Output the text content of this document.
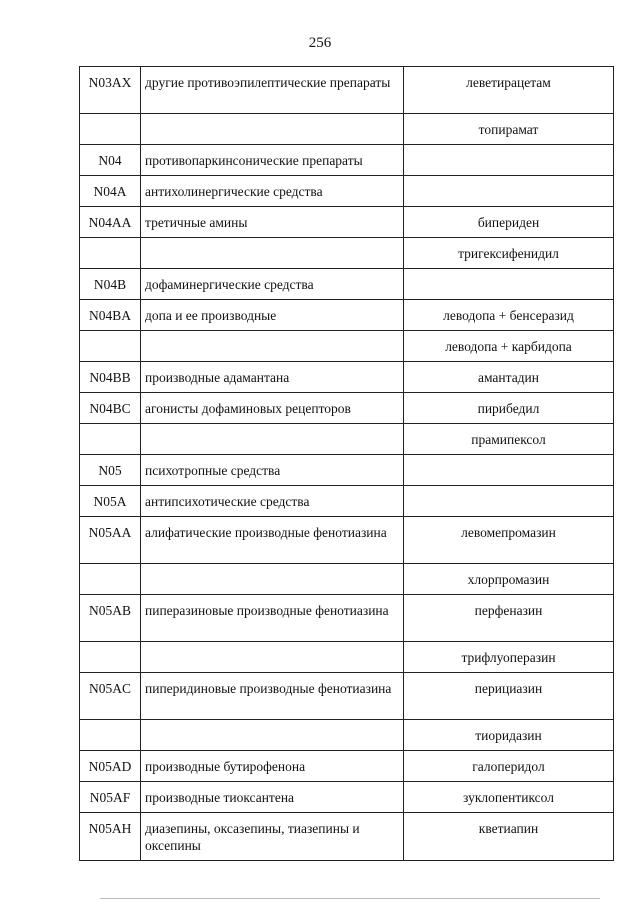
256
N03AX	другие противоэпилептические препараты	леветирацетам
		топирамат
N04	противопаркинсонические препараты	
N04A	антихолинергические средства	
N04AA	третичные амины	бипериден
		тригексифенидил
N04B	дофаминергические средства	
N04BA	допа и ее производные	леводопа + бенсеразид
		леводопа + карбидопа
N04BB	производные адамантана	амантадин
N04BC	агонисты дофаминовых рецепторов	пирибедил
		прамипексол
N05	психотропные средства	
N05A	антипсихотические средства	
N05AA	алифатические производные фенотиазина	левомепромазин
		хлорпромазин
N05AB	пиперазиновые производные фенотиазина	перфеназин
		трифлуоперазин
N05AC	пиперидиновые производные фенотиазина	перициазин
		тиоридазин
N05AD	производные бутирофенона	галоперидол
N05AF	производные тиоксантена	зуклопентиксол
N05AH	диазепины, оксазепины, тиазепины и оксепины	кветиапин
